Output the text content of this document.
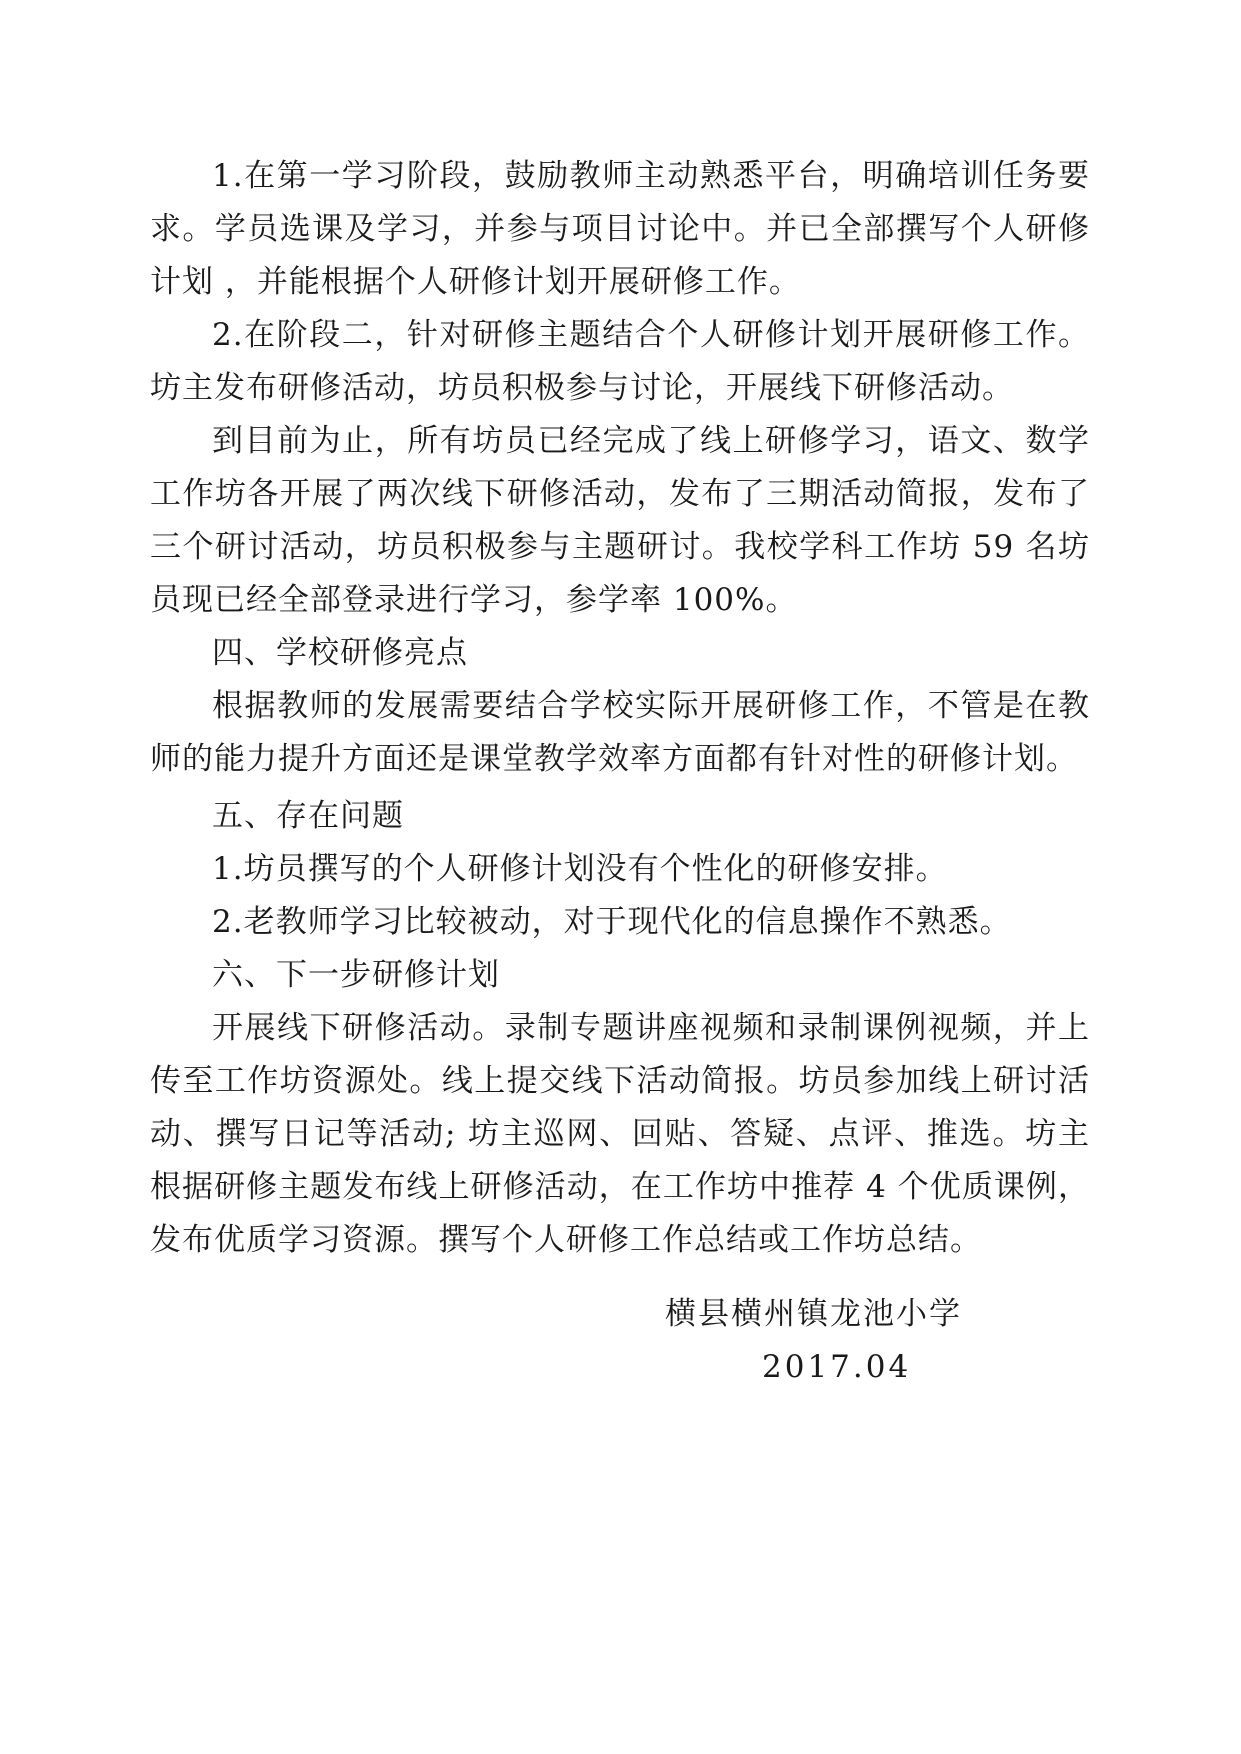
1.在第一学习阶段，鼓励教师主动熟悉平台，明确培训任务要求。学员选课及学习，并参与项目讨论中。并已全部撰写个人研修计划 ，并能根据个人研修计划开展研修工作。

2.在阶段二，针对研修主题结合个人研修计划开展研修工作。坊主发布研修活动，坊员积极参与讨论，开展线下研修活动。

到目前为止，所有坊员已经完成了线上研修学习，语文、数学工作坊各开展了两次线下研修活动，发布了三期活动简报，发布了三个研讨活动，坊员积极参与主题研讨。我校学科工作坊 59 名坊员现已经全部登录进行学习，参学率 100%。

四、学校研修亮点

根据教师的发展需要结合学校实际开展研修工作，不管是在教师的能力提升方面还是课堂教学效率方面都有针对性的研修计划。

五、存在问题

1.坊员撰写的个人研修计划没有个性化的研修安排。

2.老教师学习比较被动，对于现代化的信息操作不熟悉。

六、下一步研修计划

开展线下研修活动。录制专题讲座视频和录制课例视频，并上传至工作坊资源处。线上提交线下活动简报。坊员参加线上研讨活动、撰写日记等活动; 坊主巡网、回贴、答疑、点评、推选。坊主根据研修主题发布线上研修活动，在工作坊中推荐 4 个优质课例，发布优质学习资源。撰写个人研修工作总结或工作坊总结。

横县横州镇龙池小学
2017.04
